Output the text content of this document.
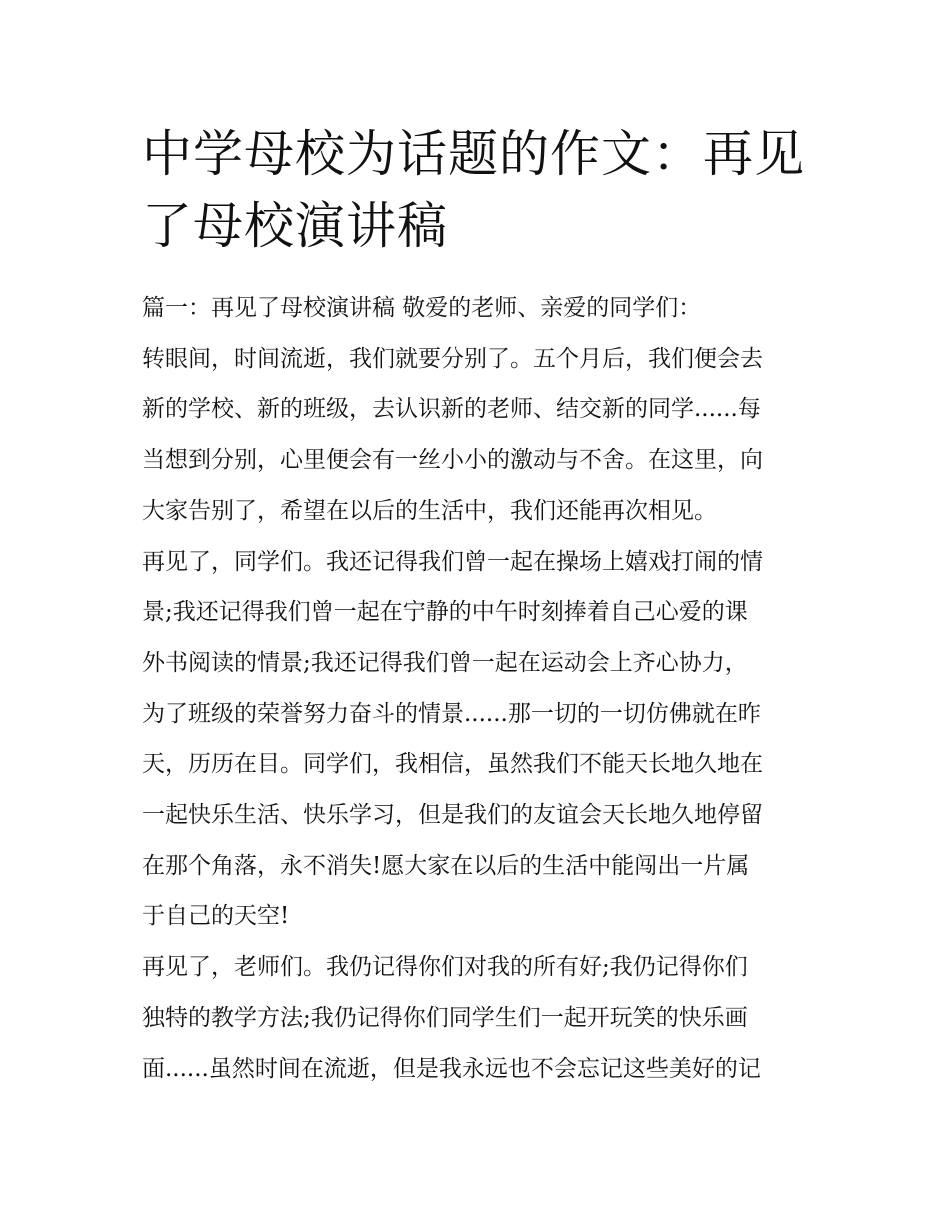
中学母校为话题的作文：再见
了母校演讲稿
篇一：再见了母校演讲稿 敬爱的老师、亲爱的同学们：
转眼间，时间流逝，我们就要分别了。五个月后，我们便会去
新的学校、新的班级，去认识新的老师、结交新的同学......每
当想到分别，心里便会有一丝小小的激动与不舍。在这里，向
大家告别了，希望在以后的生活中，我们还能再次相见。
再见了，同学们。我还记得我们曾一起在操场上嬉戏打闹的情
景;我还记得我们曾一起在宁静的中午时刻捧着自己心爱的课
外书阅读的情景;我还记得我们曾一起在运动会上齐心协力，
为了班级的荣誉努力奋斗的情景......那一切的一切仿佛就在昨
天，历历在目。同学们，我相信，虽然我们不能天长地久地在
一起快乐生活、快乐学习，但是我们的友谊会天长地久地停留
在那个角落，永不消失!愿大家在以后的生活中能闯出一片属
于自己的天空!
再见了，老师们。我仍记得你们对我的所有好;我仍记得你们
独特的教学方法;我仍记得你们同学生们一起开玩笑的快乐画
面......虽然时间在流逝，但是我永远也不会忘记这些美好的记
